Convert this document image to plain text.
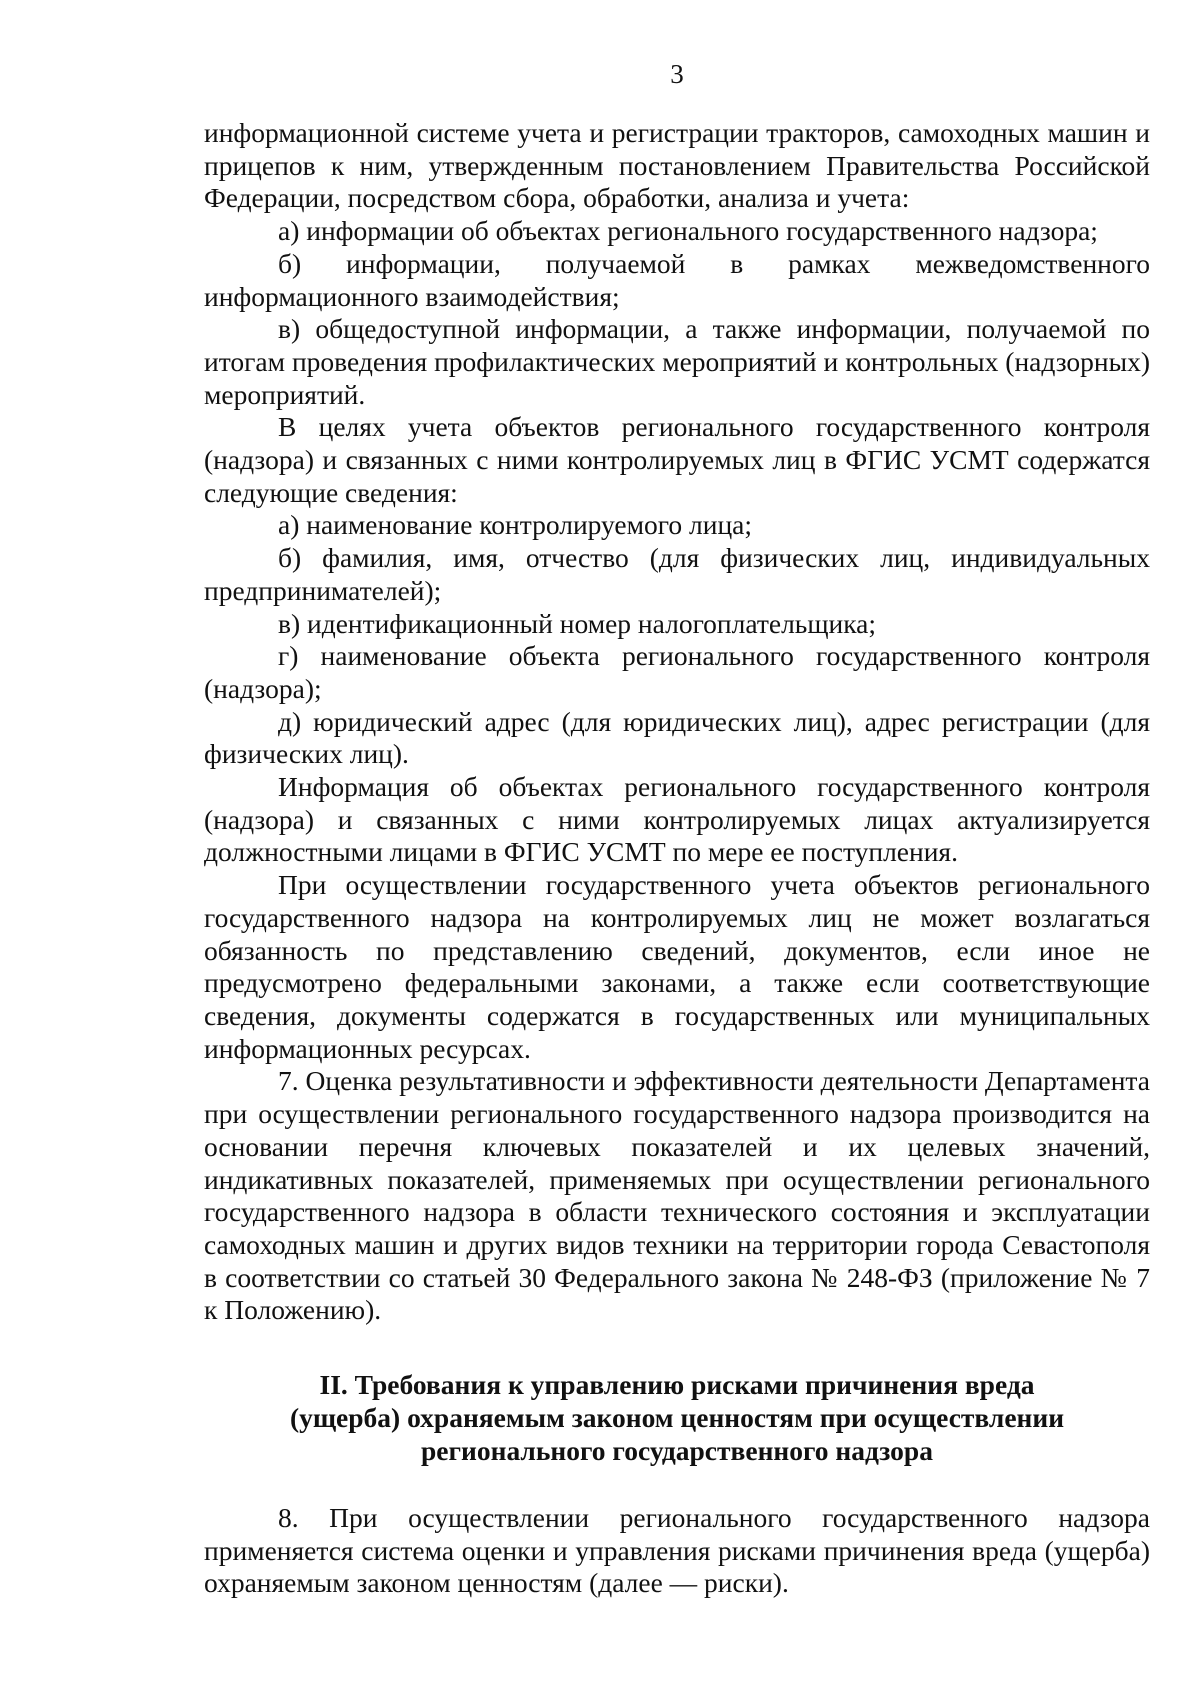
3

информационной системе учета и регистрации тракторов, самоходных машин и прицепов к ним, утвержденным постановлением Правительства Российской Федерации, посредством сбора, обработки, анализа и учета:

а) информации об объектах регионального государственного надзора;

б) информации, получаемой в рамках межведомственного информационного взаимодействия;

в) общедоступной информации, а также информации, получаемой по итогам проведения профилактических мероприятий и контрольных (надзорных) мероприятий.

В целях учета объектов регионального государственного контроля (надзора) и связанных с ними контролируемых лиц в ФГИС УСМТ содержатся следующие сведения:

а) наименование контролируемого лица;

б) фамилия, имя, отчество (для физических лиц, индивидуальных предпринимателей);

в) идентификационный номер налогоплательщика;

г) наименование объекта регионального государственного контроля (надзора);

д) юридический адрес (для юридических лиц), адрес регистрации (для физических лиц).

Информация об объектах регионального государственного контроля (надзора) и связанных с ними контролируемых лицах актуализируется должностными лицами в ФГИС УСМТ по мере ее поступления.

При осуществлении государственного учета объектов регионального государственного надзора на контролируемых лиц не может возлагаться обязанность по представлению сведений, документов, если иное не предусмотрено федеральными законами, а также если соответствующие сведения, документы содержатся в государственных или муниципальных информационных ресурсах.

7. Оценка результативности и эффективности деятельности Департамента при осуществлении регионального государственного надзора производится на основании перечня ключевых показателей и их целевых значений, индикативных показателей, применяемых при осуществлении регионального государственного надзора в области технического состояния и эксплуатации самоходных машин и других видов техники на территории города Севастополя в соответствии со статьей 30 Федерального закона № 248-ФЗ (приложение № 7 к Положению).

II. Требования к управлению рисками причинения вреда
(ущерба) охраняемым законом ценностям при осуществлении
регионального государственного надзора

8. При осуществлении регионального государственного надзора применяется система оценки и управления рисками причинения вреда (ущерба) охраняемым законом ценностям (далее — риски).
